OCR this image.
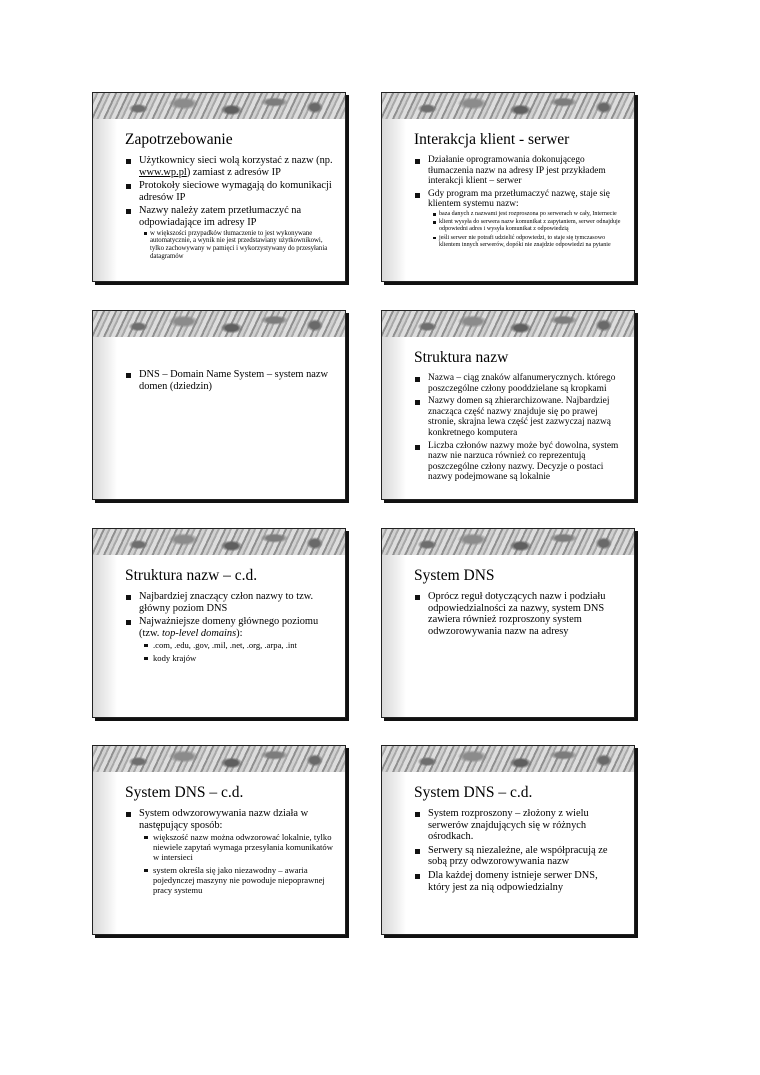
Zapotrzebowanie
Użytkownicy sieci wolą korzystać z nazw (np. www.wp.pl) zamiast z adresów IP
Protokoły sieciowe wymagają do komunikacji adresów IP
Nazwy należy zatem przetłumaczyć na odpowiadające im adresy IP
w większości przypadków tłumaczenie to jest wykonywane automatycznie, a wynik nie jest przedstawiany użytkownikowi, tylko zachowywany w pamięci i wykorzystywany do przesyłania datagramów
Interakcja klient - serwer
Działanie oprogramowania dokonującego tłumaczenia nazw na adresy IP jest przykładem interakcji klient – serwer
Gdy program ma przetłumaczyć nazwę, staje się klientem systemu nazw:
baza danych z nazwami jest rozproszona po serwerach w cały, Internecie
klient wysyła do serwera nazw komunikat z zapytaniem, serwer odnajduje odpowiedni adres i wysyła komunikat z odpowiedzią
jeśli serwer nie potrafi udzielić odpowiedzi, to staje się tymczasowo klientem innych serwerów, dopóki nie znajdzie odpowiedzi na pytanie
DNS – Domain Name System – system nazw domen (dziedzin)
Struktura nazw
Nazwa – ciąg znaków alfanumerycznych. którego poszczególne człony pooddzielane są kropkami
Nazwy domen są zhierarchizowane. Najbardziej znacząca część nazwy znajduje się po prawej stronie, skrajna lewa część jest zazwyczaj nazwą konkretnego komputera
Liczba członów nazwy może być dowolna, system nazw nie narzuca również co reprezentują poszczególne człony nazwy. Decyzje o postaci nazwy podejmowane są lokalnie
Struktura nazw – c.d.
Najbardziej znaczący człon nazwy to tzw. główny poziom DNS
Najważniejsze domeny głównego poziomu (tzw. top-level domains):
.com, .edu, .gov, .mil, .net, .org, .arpa, .int
kody krajów
System DNS
Oprócz reguł dotyczących nazw i podziału odpowiedzialności za nazwy, system DNS zawiera również rozproszony system odwzorowywania nazw na adresy
System DNS – c.d.
System odwzorowywania nazw działa w następujący sposób:
większość nazw można odwzorować lokalnie, tylko niewiele zapytań wymaga przesyłania komunikatów w intersieci
system określa się jako niezawodny – awaria pojedynczej maszyny nie powoduje niepoprawnej pracy systemu
System DNS – c.d.
System rozproszony – złożony z wielu serwerów znajdujących się w różnych ośrodkach.
Serwery są niezależne, ale współpracują ze sobą przy odwzorowywania nazw
Dla każdej domeny istnieje serwer DNS, który jest za nią odpowiedzialny
